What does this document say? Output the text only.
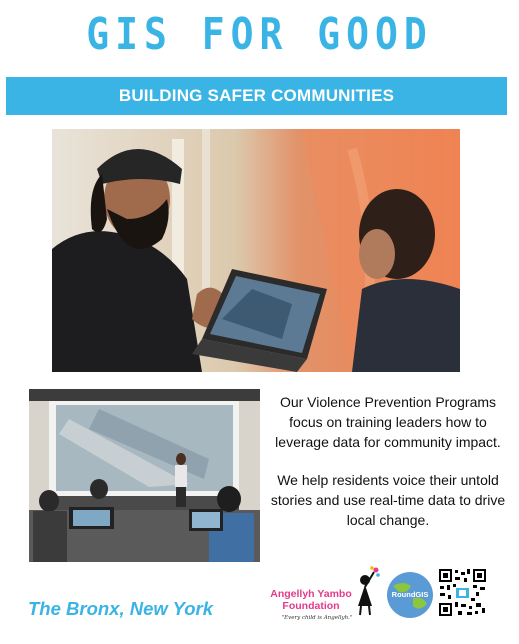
GIS FOR GOOD
BUILDING SAFER COMMUNITIES

Our Violence Prevention Programs focus on training leaders how to leverage data for community impact.

We help residents voice their untold stories and use real-time data to drive local change.

The Bronx, New York
Angellyh Yambo Foundation
"Every child is Angellyh."
RoundGIS
